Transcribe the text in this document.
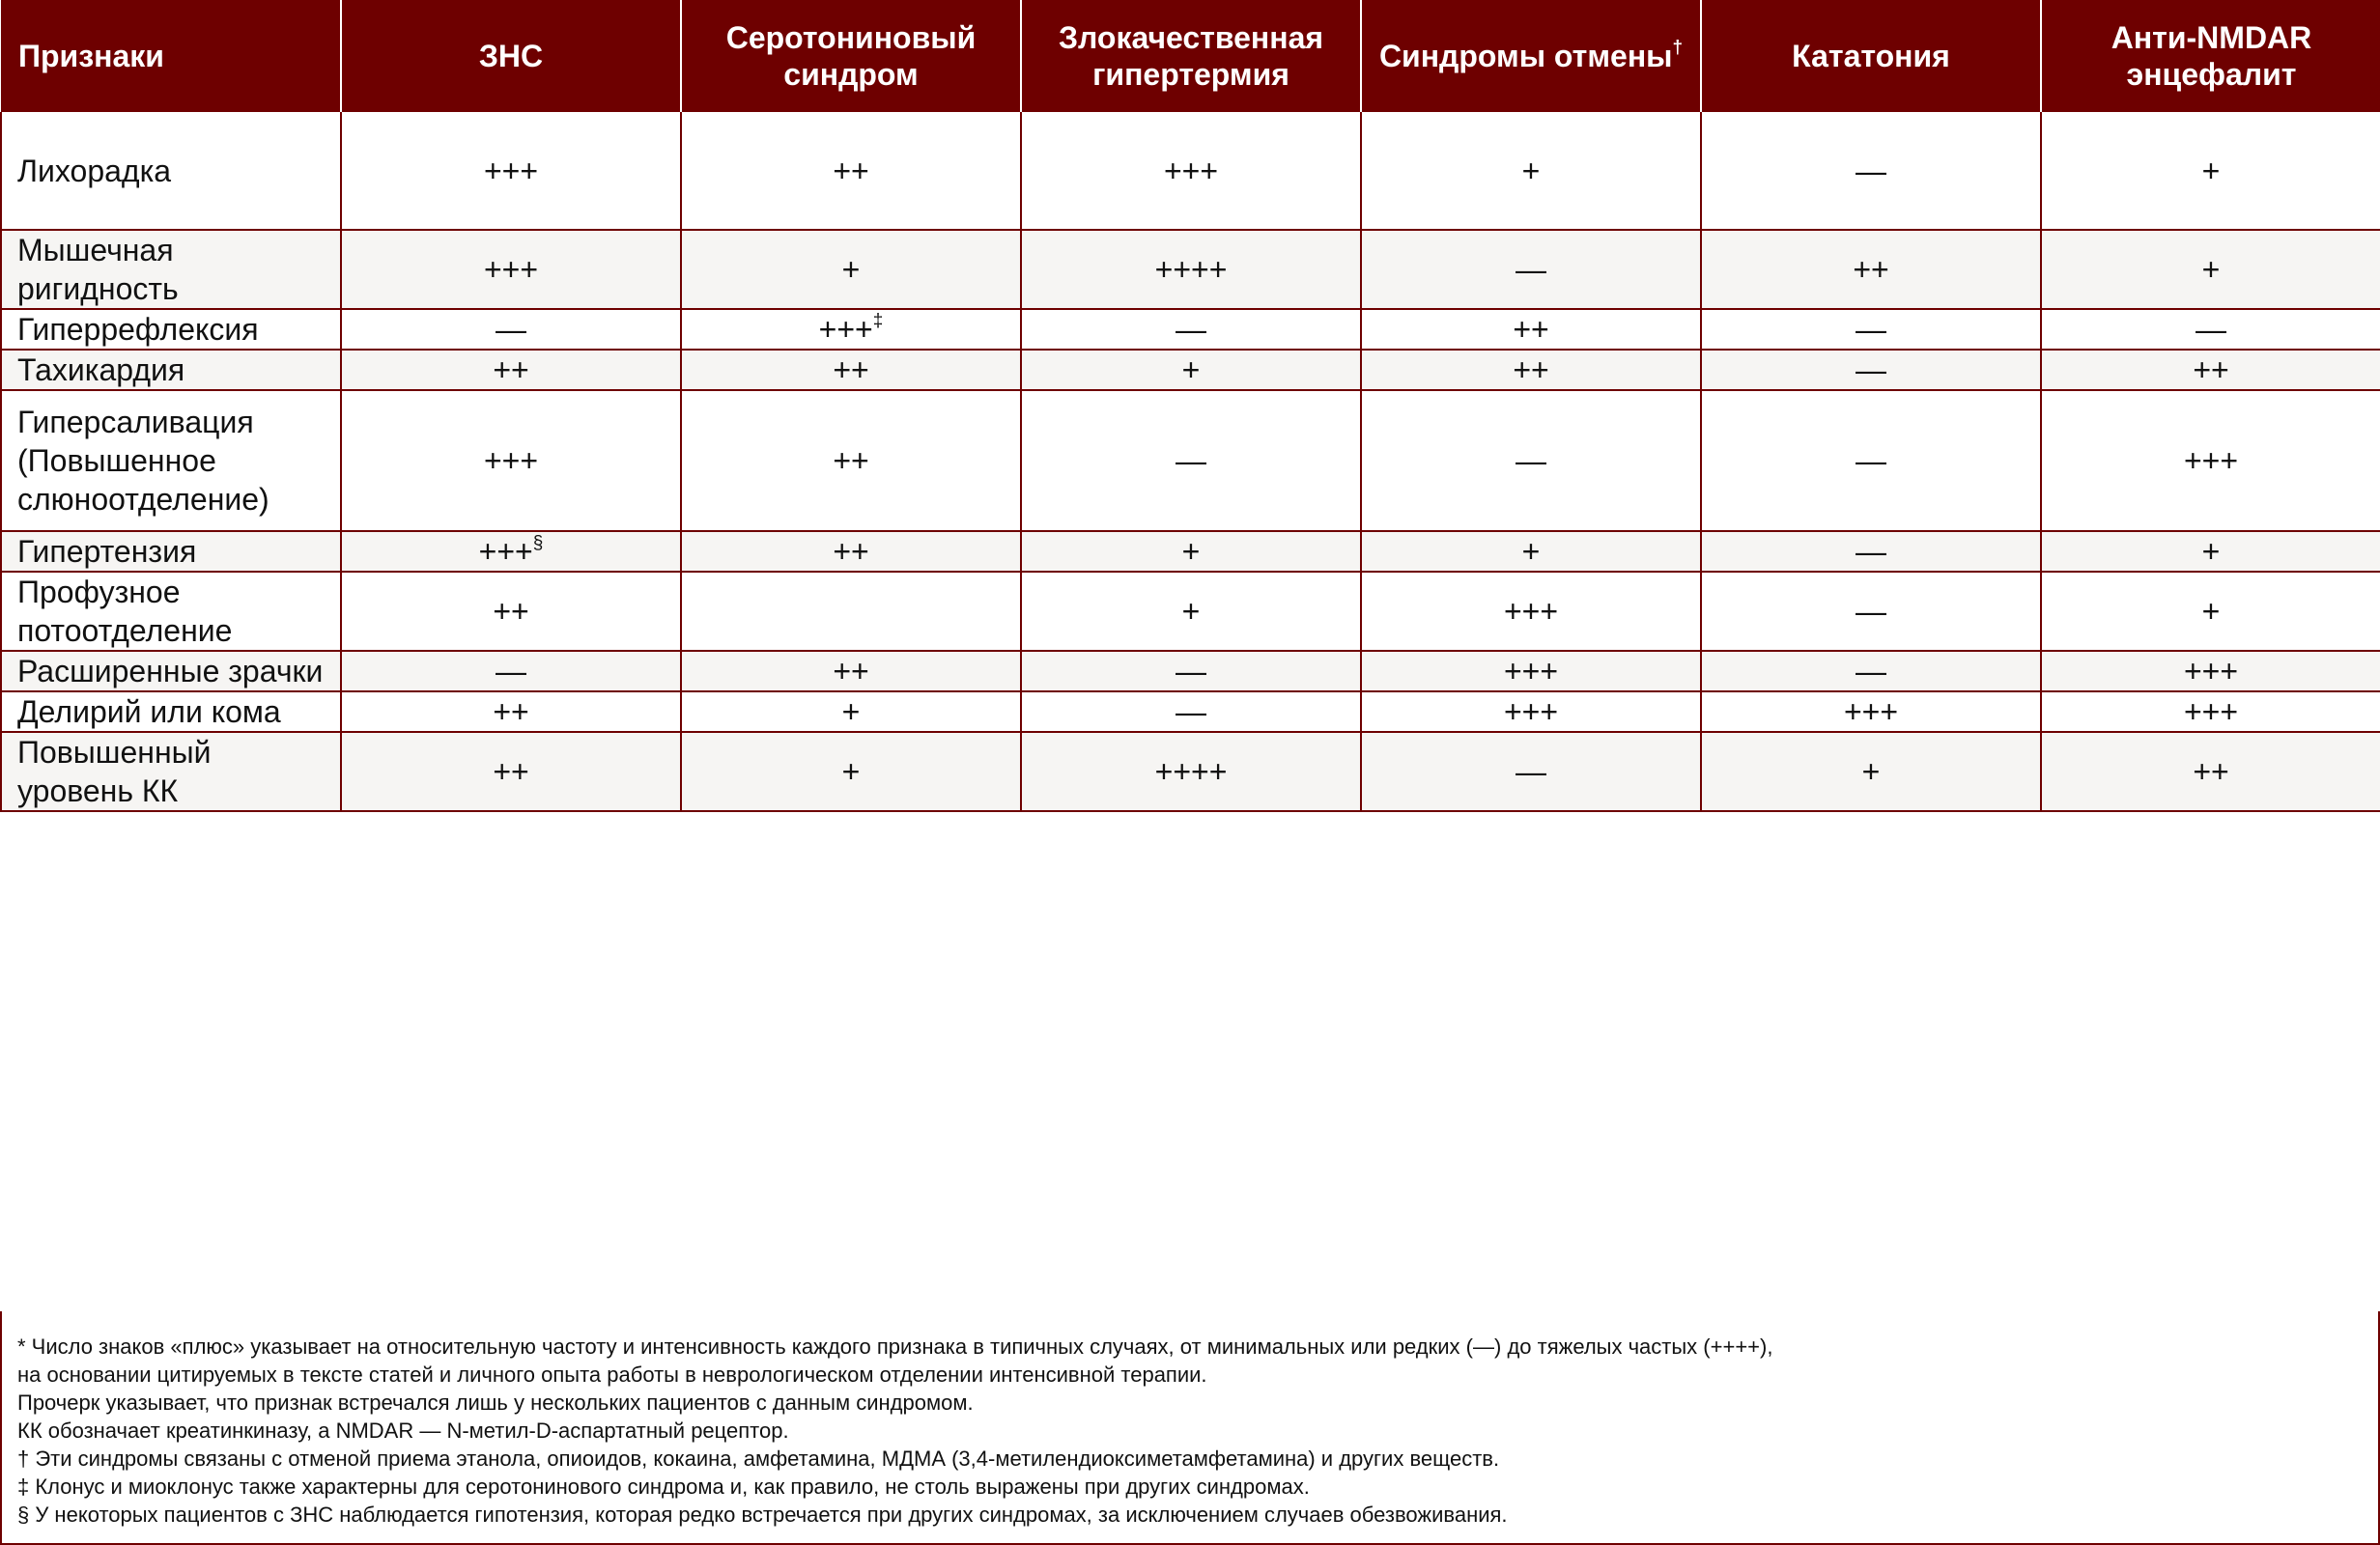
Признаки	ЗНС	Серотониновый синдром	Злокачественная гипертермия	Синдромы отмены†	Кататония	Анти-NMDAR энцефалит
Лихорадка	+++	++	+++	+	—	+
Мышечная ригидность	+++	+	++++	—	++	+
Гиперрефлексия	—	+++‡	—	++	—	—
Тахикардия	++	++	+	++	—	++
Гиперсаливация (Повышенное слюноотделение)	+++	++	—	—	—	+++
Гипертензия	+++§	++	+	+	—	+
Профузное потоотделение	++		+	+++	—	+
Расширенные зрачки	—	++	—	+++	—	+++
Делирий или кома	++	+	—	+++	+++	+++
Повышенный уровень КК	++	+	++++	—	+	++
* Число знаков «плюс» указывает на относительную частоту и интенсивность каждого признака в типичных случаях, от минимальных или редких (—) до тяжелых частых (++++),
на основании цитируемых в тексте статей и личного опыта работы в неврологическом отделении интенсивной терапии.
Прочерк указывает, что признак встречался лишь у нескольких пациентов с данным синдромом.
КК обозначает креатинкиназу, а NMDAR — N-метил-D-аспартатный рецептор.
† Эти синдромы связаны с отменой приема этанола, опиоидов, кокаина, амфетамина, МДМА (3,4-метилендиоксиметамфетамина) и других веществ.
‡ Клонус и миоклонус также характерны для серотонинового синдрома и, как правило, не столь выражены при других синдромах.
§ У некоторых пациентов с ЗНС наблюдается гипотензия, которая редко встречается при других синдромах, за исключением случаев обезвоживания.
